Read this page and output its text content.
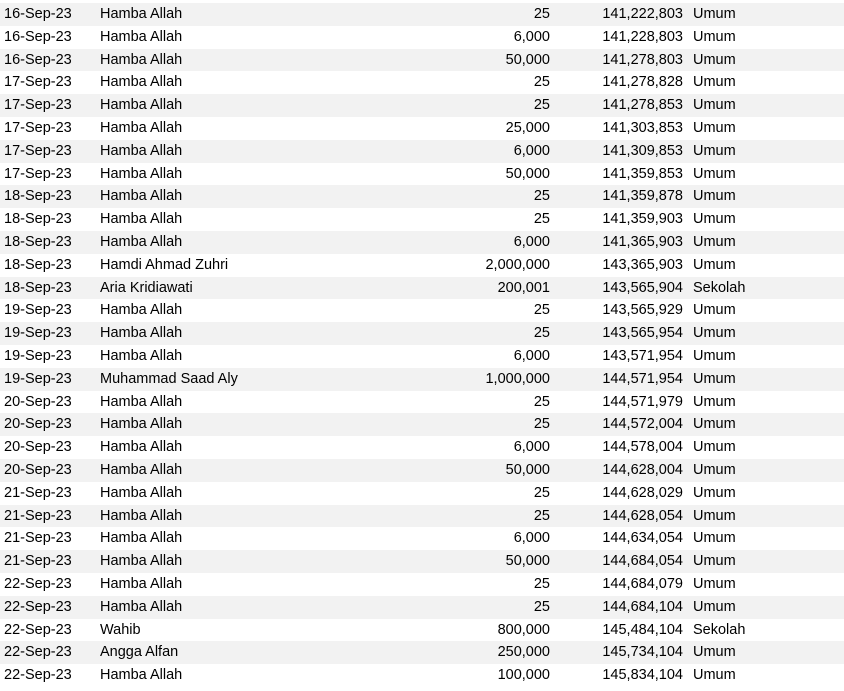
16-Sep-23	Hamba Allah	25	141,222,803 Umum
16-Sep-23	Hamba Allah	6,000	141,228,803 Umum
16-Sep-23	Hamba Allah	50,000	141,278,803 Umum
17-Sep-23	Hamba Allah	25	141,278,828 Umum
17-Sep-23	Hamba Allah	25	141,278,853 Umum
17-Sep-23	Hamba Allah	25,000	141,303,853 Umum
17-Sep-23	Hamba Allah	6,000	141,309,853 Umum
17-Sep-23	Hamba Allah	50,000	141,359,853 Umum
18-Sep-23	Hamba Allah	25	141,359,878 Umum
18-Sep-23	Hamba Allah	25	141,359,903 Umum
18-Sep-23	Hamba Allah	6,000	141,365,903 Umum
18-Sep-23	Hamdi Ahmad Zuhri	2,000,000	143,365,903 Umum
18-Sep-23	Aria Kridiawati	200,001	143,565,904 Sekolah
19-Sep-23	Hamba Allah	25	143,565,929 Umum
19-Sep-23	Hamba Allah	25	143,565,954 Umum
19-Sep-23	Hamba Allah	6,000	143,571,954 Umum
19-Sep-23	Muhammad Saad Aly	1,000,000	144,571,954 Umum
20-Sep-23	Hamba Allah	25	144,571,979 Umum
20-Sep-23	Hamba Allah	25	144,572,004 Umum
20-Sep-23	Hamba Allah	6,000	144,578,004 Umum
20-Sep-23	Hamba Allah	50,000	144,628,004 Umum
21-Sep-23	Hamba Allah	25	144,628,029 Umum
21-Sep-23	Hamba Allah	25	144,628,054 Umum
21-Sep-23	Hamba Allah	6,000	144,634,054 Umum
21-Sep-23	Hamba Allah	50,000	144,684,054 Umum
22-Sep-23	Hamba Allah	25	144,684,079 Umum
22-Sep-23	Hamba Allah	25	144,684,104 Umum
22-Sep-23	Wahib	800,000	145,484,104 Sekolah
22-Sep-23	Angga Alfan	250,000	145,734,104 Umum
22-Sep-23	Hamba Allah	100,000	145,834,104 Umum
